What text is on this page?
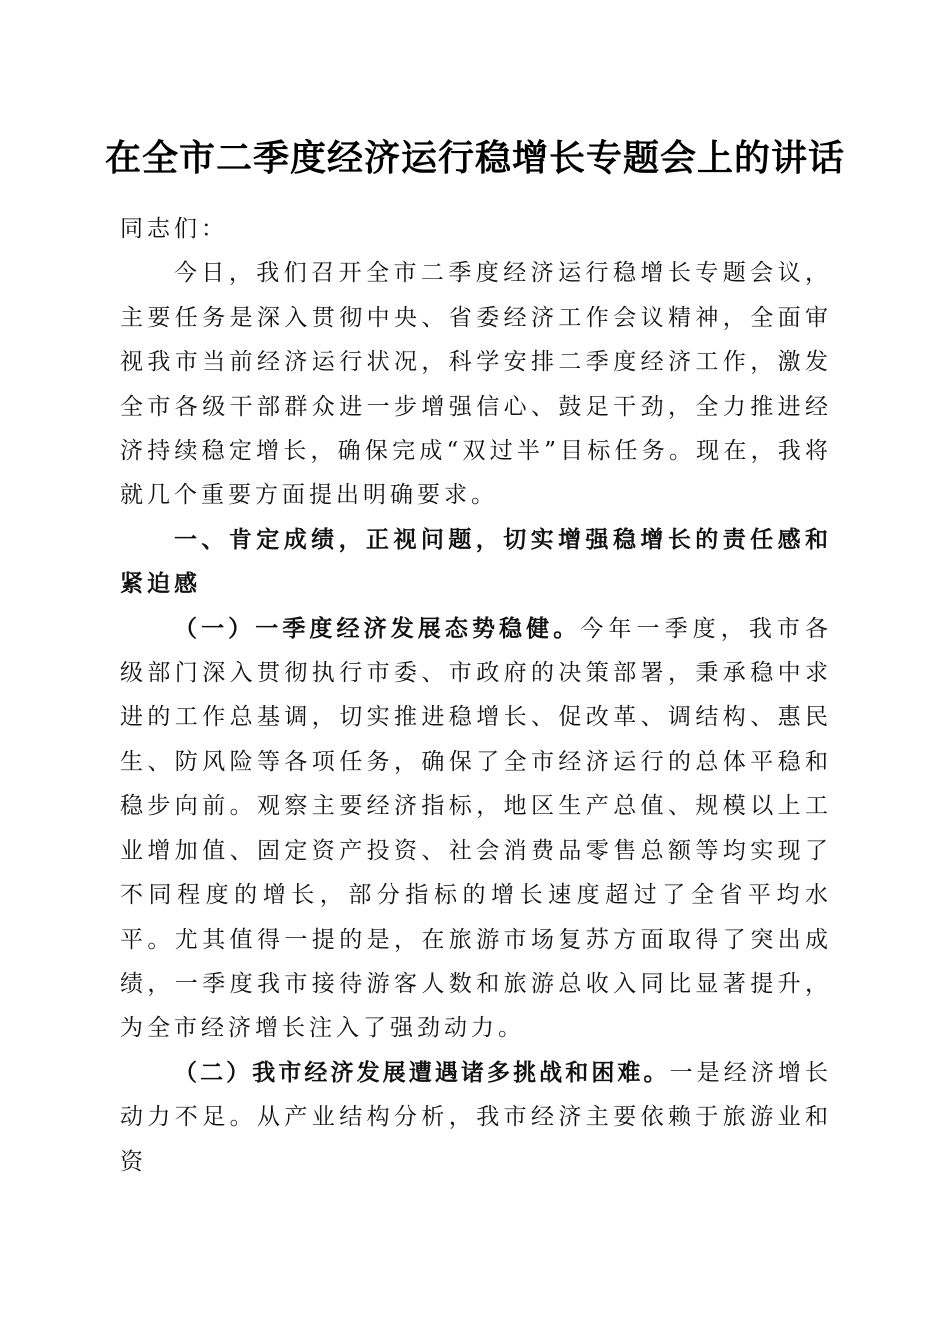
在全市二季度经济运行稳增长专题会上的讲话

同志们：

今日，我们召开全市二季度经济运行稳增长专题会议，主要任务是深入贯彻中央、省委经济工作会议精神，全面审视我市当前经济运行状况，科学安排二季度经济工作，激发全市各级干部群众进一步增强信心、鼓足干劲，全力推进经济持续稳定增长，确保完成“双过半”目标任务。现在，我将就几个重要方面提出明确要求。

一、肯定成绩，正视问题，切实增强稳增长的责任感和紧迫感

（一）一季度经济发展态势稳健。今年一季度，我市各级部门深入贯彻执行市委、市政府的决策部署，秉承稳中求进的工作总基调，切实推进稳增长、促改革、调结构、惠民生、防风险等各项任务，确保了全市经济运行的总体平稳和稳步向前。观察主要经济指标，地区生产总值、规模以上工业增加值、固定资产投资、社会消费品零售总额等均实现了不同程度的增长，部分指标的增长速度超过了全省平均水平。尤其值得一提的是，在旅游市场复苏方面取得了突出成绩，一季度我市接待游客人数和旅游总收入同比显著提升，为全市经济增长注入了强劲动力。

（二）我市经济发展遭遇诸多挑战和困难。一是经济增长动力不足。从产业结构分析，我市经济主要依赖于旅游业和资
